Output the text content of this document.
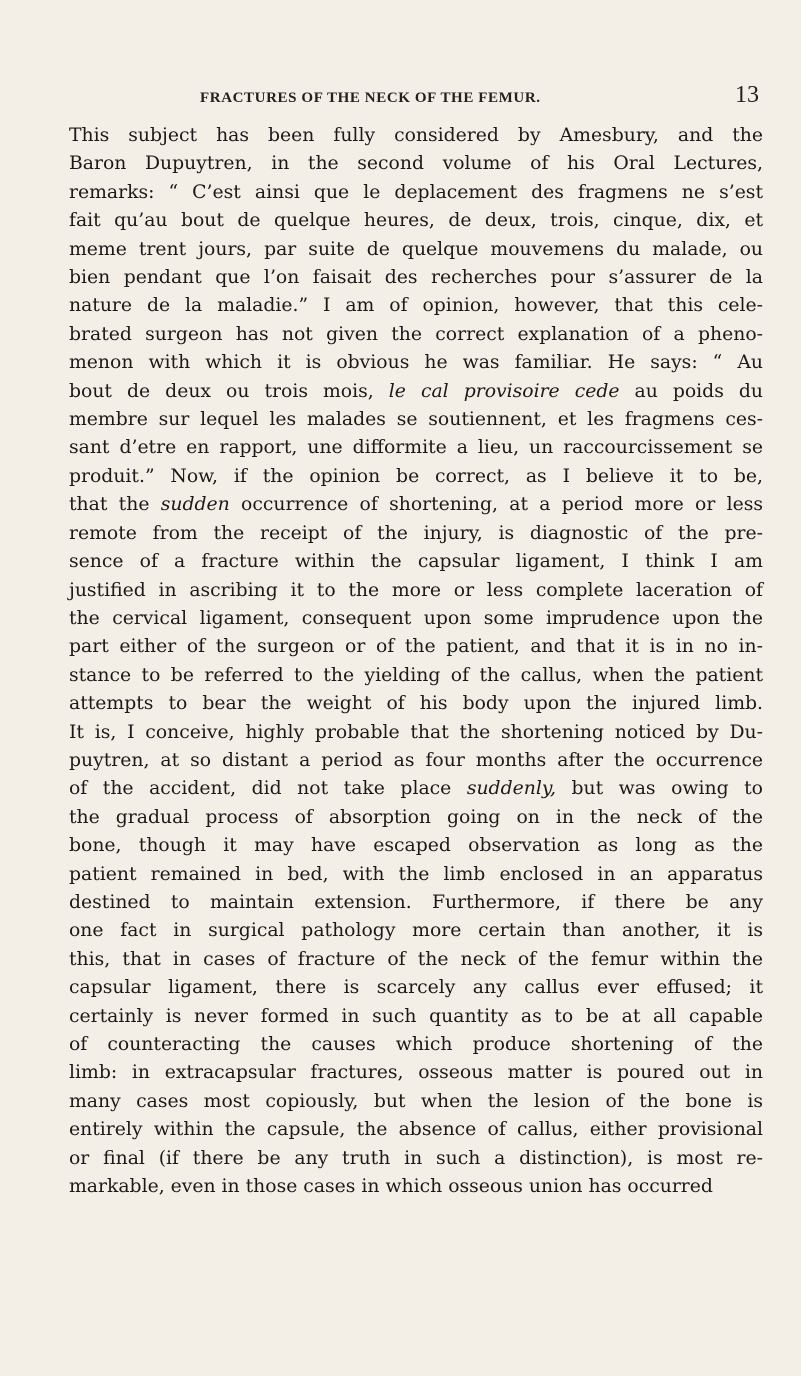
FRACTURES OF THE NECK OF THE FEMUR.	13

This subject has been fully considered by Amesbury, and the
Baron Dupuytren, in the second volume of his Oral Lectures,
remarks: “ C’est ainsi que le deplacement des fragmens ne s’est
fait qu’au bout de quelque heures, de deux, trois, cinque, dix, et
meme trent jours, par suite de quelque mouvemens du malade, ou
bien pendant que l’on faisait des recherches pour s’assurer de la
nature de la maladie.” I am of opinion, however, that this cele-
brated surgeon has not given the correct explanation of a pheno-
menon with which it is obvious he was familiar. He says: “ Au
bout de deux ou trois mois, le cal provisoire cede au poids du
membre sur lequel les malades se soutiennent, et les fragmens ces-
sant d’etre en rapport, une difformite a lieu, un raccourcissement se
produit.” Now, if the opinion be correct, as I believe it to be,
that the sudden occurrence of shortening, at a period more or less
remote from the receipt of the injury, is diagnostic of the pre-
sence of a fracture within the capsular ligament, I think I am
justified in ascribing it to the more or less complete laceration of
the cervical ligament, consequent upon some imprudence upon the
part either of the surgeon or of the patient, and that it is in no in-
stance to be referred to the yielding of the callus, when the patient
attempts to bear the weight of his body upon the injured limb.
It is, I conceive, highly probable that the shortening noticed by Du-
puytren, at so distant a period as four months after the occurrence
of the accident, did not take place suddenly, but was owing to
the gradual process of absorption going on in the neck of the
bone, though it may have escaped observation as long as the
patient remained in bed, with the limb enclosed in an apparatus
destined to maintain extension. Furthermore, if there be any
one fact in surgical pathology more certain than another, it is
this, that in cases of fracture of the neck of the femur within the
capsular ligament, there is scarcely any callus ever effused; it
certainly is never formed in such quantity as to be at all capable
of counteracting the causes which produce shortening of the
limb: in extracapsular fractures, osseous matter is poured out in
many cases most copiously, but when the lesion of the bone is
entirely within the capsule, the absence of callus, either provisional
or final (if there be any truth in such a distinction), is most re-
markable, even in those cases in which osseous union has occurred
